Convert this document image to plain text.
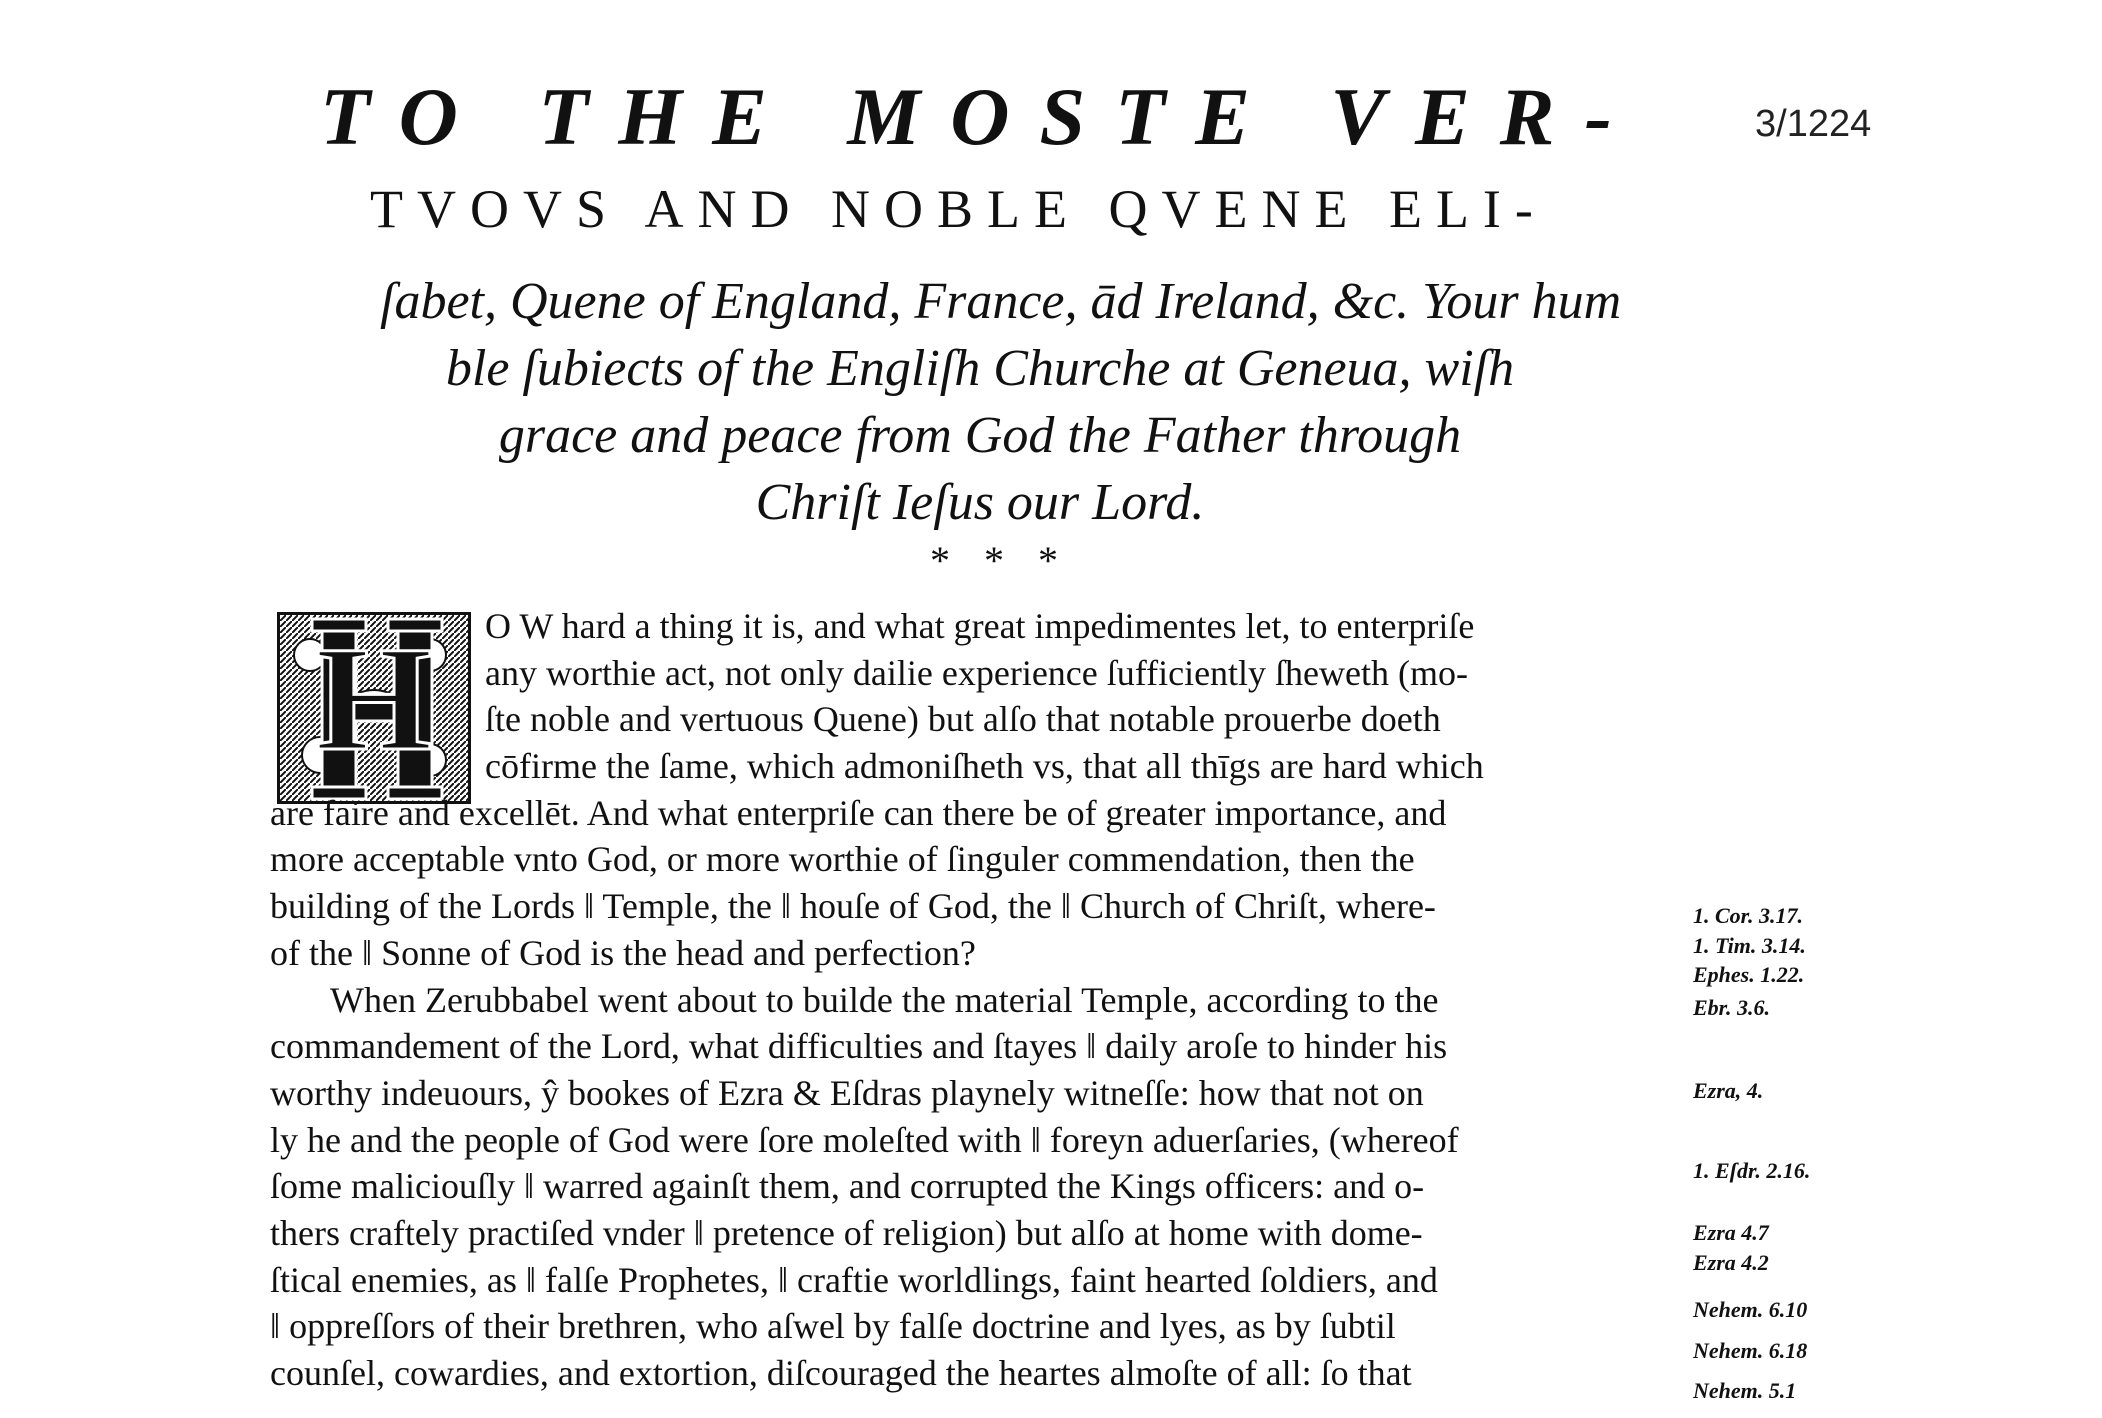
3/1224
TO THE MOSTE VER-
TVOVS AND NOBLE QVENE ELI-
ſabet, Quene of England, France, ād Ireland, &c. Your hum
ble ſubiects of the Engliſh Churche at Geneua, wiſh
grace and peace from God the Father through
Chriſt Ieſus our Lord.
* * *
H	O W hard a thing it is, and what great impedimentes let, to enterpriſe
any worthie act, not only dailie experience ſufficiently ſheweth (mo-
ſte noble and vertuous Quene) but alſo that notable prouerbe doeth
cōfirme the ſame, which admoniſheth vs, that all thīgs are hard which
are faire and excellēt. And what enterpriſe can there be of greater importance, and
more acceptable vnto God, or more worthie of ſinguler commendation, then the
building of the Lords ‖ Temple, the ‖ houſe of God, the ‖ Church of Chriſt, where-
of the ‖ Sonne of God is the head and perfection?
When Zerubbabel went about to builde the material Temple, according to the
commandement of the Lord, what difficulties and ſtayes ‖ daily aroſe to hinder his
worthy indeuours, ŷ bookes of Ezra & Eſdras playnely witneſſe: how that not on
ly he and the people of God were ſore moleſted with ‖ foreyn aduerſaries, (whereof
ſome maliciouſly ‖ warred againſt them, and corrupted the Kings officers: and o-
thers craftely practiſed vnder ‖ pretence of religion) but alſo at home with dome-
ſtical enemies, as ‖ falſe Prophetes, ‖ craftie worldlings, faint hearted ſoldiers, and
‖ oppreſſors of their brethren, who aſwel by falſe doctrine and lyes, as by ſubtil
counſel, cowardies, and extortion, diſcouraged the heartes almoſte of all: ſo that
1. Cor. 3.17.
1. Tim. 3.14.
Ephes. 1.22.
Ebr. 3.6.
Ezra, 4.
1. Eſdr. 2.16.
Ezra 4.7
Ezra 4.2
Nehem. 6.10
Nehem. 6.18
Nehem. 5.1
